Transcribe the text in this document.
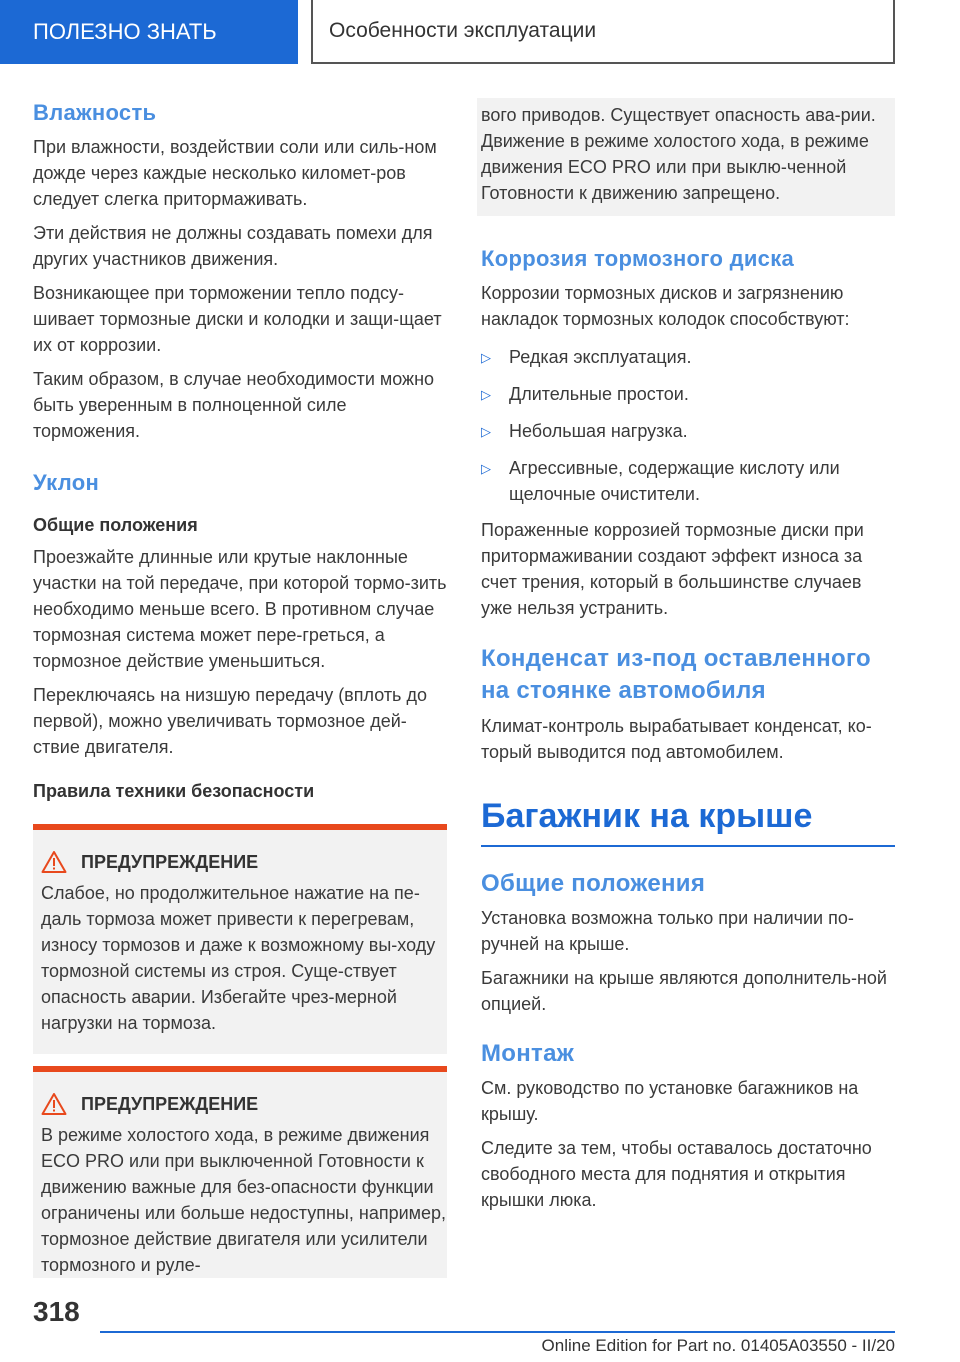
ПОЛЕЗНО ЗНАТЬ	Особенности эксплуатации
Влажность

При влажности, воздействии соли или силь-ном дожде через каждые несколько километ-ров следует слегка притормаживать.

Эти действия не должны создавать помехи для других участников движения.

Возникающее при торможении тепло подсу-шивает тормозные диски и колодки и защи-щает их от коррозии.

Таким образом, в случае необходимости можно быть уверенным в полноценной силе торможения.

Уклон
Общие положения

Проезжайте длинные или крутые наклонные участки на той передаче, при которой тормо-зить необходимо меньше всего. В противном случае тормозная система может пере-греться, а тормозное действие уменьшиться.

Переключаясь на низшую передачу (вплоть до первой), можно увеличивать тормозное дей-ствие двигателя.

Правила техники безопасности
ПРЕДУПРЕЖДЕНИЕ

Слабое, но продолжительное нажатие на пе-даль тормоза может привести к перегревам, износу тормозов и даже к возможному вы-ходу тормозной системы из строя. Суще-ствует опасность аварии. Избегайте чрез-мерной нагрузки на тормоза.

ПРЕДУПРЕЖДЕНИЕ

В режиме холостого хода, в режиме движения ECO PRO или при выключенной Готовности к движению важные для без-опасности функции ограничены или больше недоступны, например, тормозное действие двигателя или усилители тормозного и руле-

вого приводов. Существует опасность ава-рии. Движение в режиме холостого хода, в режиме движения ECO PRO или при выклю-ченной Готовности к движению запрещено.

Коррозия тормозного диска

Коррозии тормозных дисков и загрязнению накладок тормозных колодок способствуют:

▷	Редкая эксплуатация.
▷	Длительные простои.
▷	Небольшая нагрузка.
▷	Агрессивные, содержащие кислоту или щелочные очистители.

Пораженные коррозией тормозные диски при притормаживании создают эффект износа за счет трения, который в большинстве случаев уже нельзя устранить.

Конденсат из-под оставленного на стоянке автомобиля

Климат-контроль вырабатывает конденсат, ко-торый выводится под автомобилем.

Багажник на крыше
Общие положения

Установка возможна только при наличии по-ручней на крыше.

Багажники на крыше являются дополнитель-ной опцией.

Монтаж

См. руководство по установке багажников на крышу.

Следите за тем, чтобы оставалось достаточно свободного места для поднятия и открытия крышки люка.

318
Online Edition for Part no. 01405A03550 - II/20
